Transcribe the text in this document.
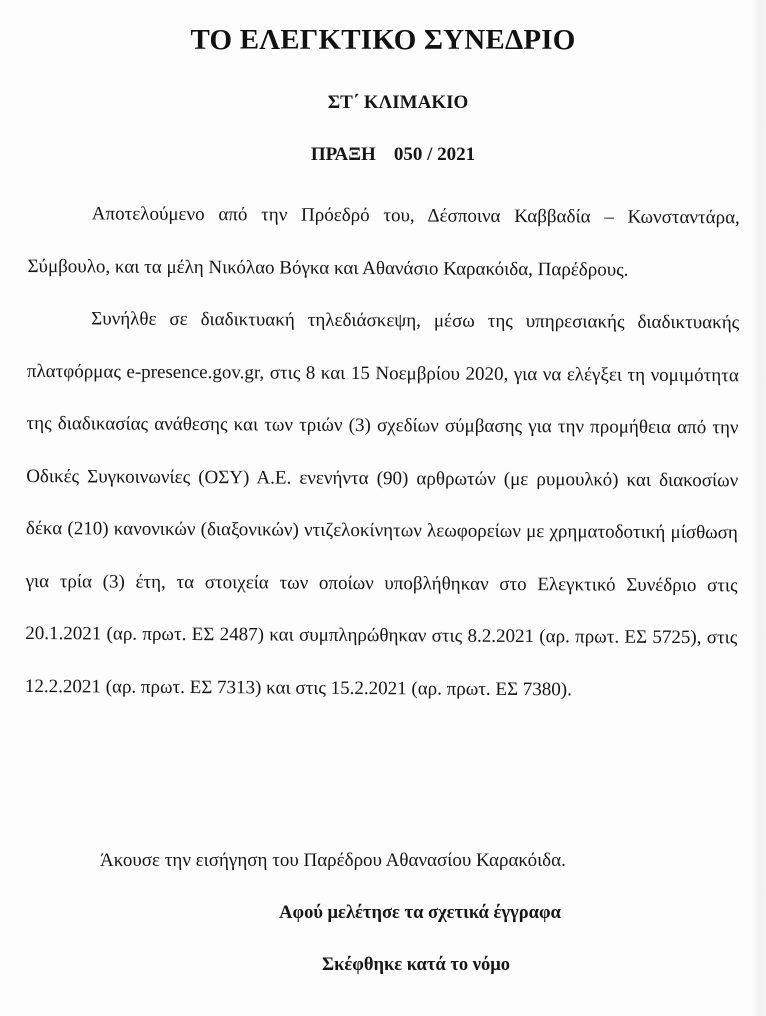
ΤΟ ΕΛΕΓΚΤΙΚΟ ΣΥΝΕΔΡΙΟ

ΣΤ΄ ΚΛΙΜΑΚΙΟ

ΠΡΑΞΗ 050 / 2021

Αποτελούμενο από την Πρόεδρό του, Δέσποινα Καββαδία – Κωνσταντάρα, Σύμβουλο, και τα μέλη Νικόλαο Βόγκα και Αθανάσιο Καρακόιδα, Παρέδρους.

Συνήλθε σε διαδικτυακή τηλεδιάσκεψη, μέσω της υπηρεσιακής διαδικτυακής πλατφόρμας e-presence.gov.gr, στις 8 και 15 Νοεμβρίου 2020, για να ελέγξει τη νομιμότητα της διαδικασίας ανάθεσης και των τριών (3) σχεδίων σύμβασης για την προμήθεια από την Οδικές Συγκοινωνίες (ΟΣΥ) Α.Ε. ενενήντα (90) αρθρωτών (με ρυμουλκό) και διακοσίων δέκα (210) κανονικών (διαξονικών) ντιζελοκίνητων λεωφορείων με χρηματοδοτική μίσθωση για τρία (3) έτη, τα στοιχεία των οποίων υποβλήθηκαν στο Ελεγκτικό Συνέδριο στις 20.1.2021 (αρ. πρωτ. ΕΣ 2487) και συμπληρώθηκαν στις 8.2.2021 (αρ. πρωτ. ΕΣ 5725), στις 12.2.2021 (αρ. πρωτ. ΕΣ 7313) και στις 15.2.2021 (αρ. πρωτ. ΕΣ 7380).

Άκουσε την εισήγηση του Παρέδρου Αθανασίου Καρακόιδα.

Αφού μελέτησε τα σχετικά έγγραφα

Σκέφθηκε κατά το νόμο
